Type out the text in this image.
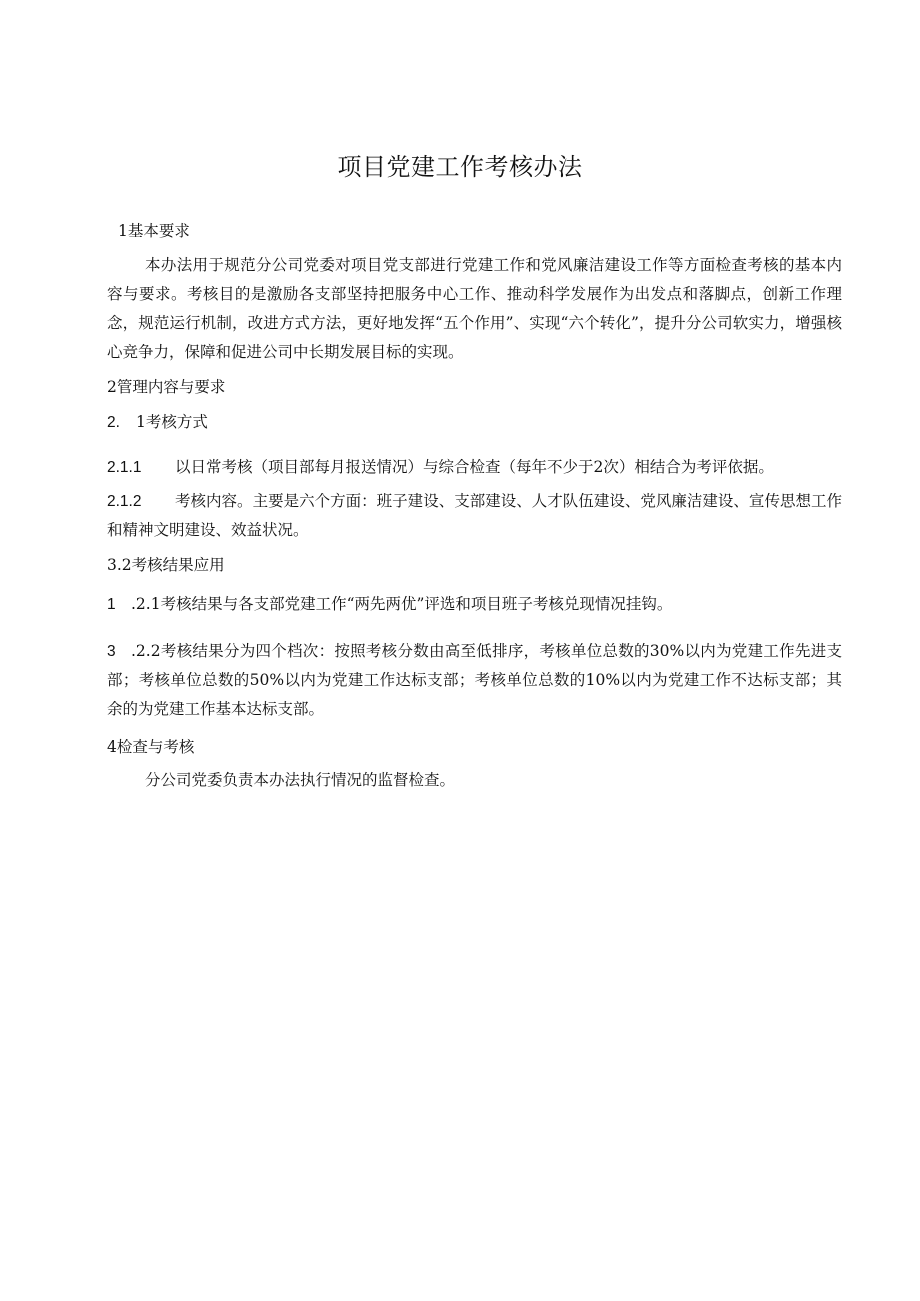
项目党建工作考核办法

1基本要求

本办法用于规范分公司党委对项目党支部进行党建工作和党风廉洁建设工作等方面检查考核的基本内容与要求。考核目的是激励各支部坚持把服务中心工作、推动科学发展作为出发点和落脚点，创新工作理念，规范运行机制，改进方式方法，更好地发挥“五个作用”、实现“六个转化”，提升分公司软实力，增强核心竞争力，保障和促进公司中长期发展目标的实现。

2管理内容与要求

2. 1考核方式

2.1.1 以日常考核（项目部每月报送情况）与综合检查（每年不少于2次）相结合为考评依据。

2.1.2 考核内容。主要是六个方面：班子建设、支部建设、人才队伍建设、党风廉洁建设、宣传思想工作和精神文明建设、效益状况。

3.2考核结果应用

1 .2.1考核结果与各支部党建工作“两先两优”评选和项目班子考核兑现情况挂钩。

3 .2.2考核结果分为四个档次：按照考核分数由高至低排序，考核单位总数的30%以内为党建工作先进支部；考核单位总数的50%以内为党建工作达标支部；考核单位总数的10%以内为党建工作不达标支部；其余的为党建工作基本达标支部。

4检查与考核

分公司党委负责本办法执行情况的监督检查。
